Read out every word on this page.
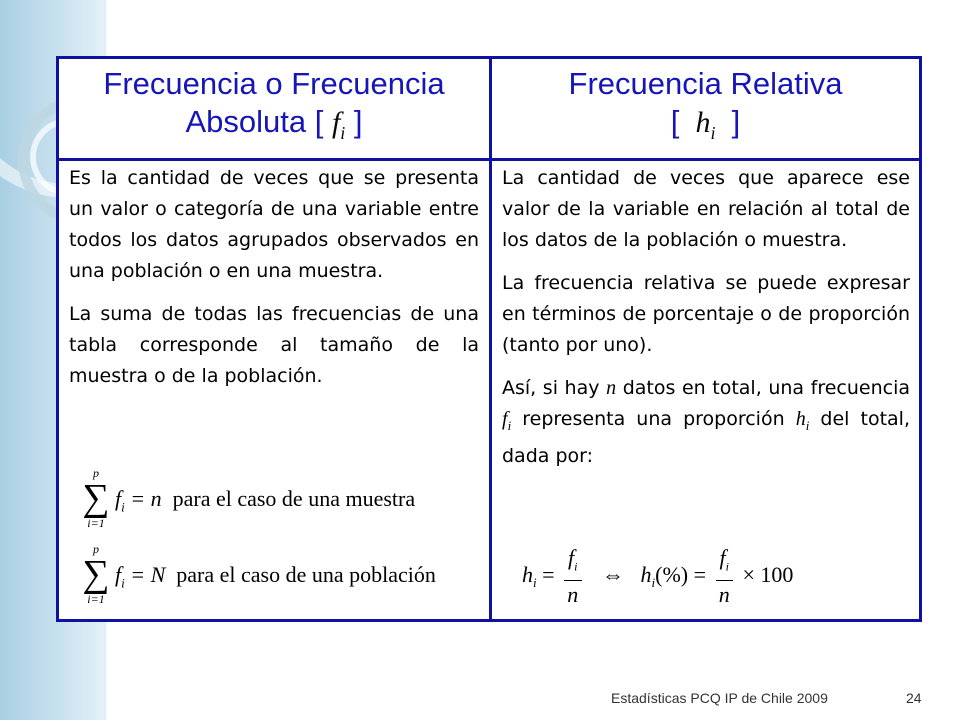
Frecuencia o Frecuencia
Absoluta [ $f_i$ ]
Frecuencia Relativa
[ $h_i$ ]

Es la cantidad de veces que se presenta un valor o categoría de una variable entre todos los datos agrupados observados en una población o en una muestra.

La suma de todas las frecuencias de una tabla corresponde al tamaño de la muestra o de la población.

p
∑
i=1
$f_i = n$ para el caso de una muestra
p
∑
i=1
$f_i = N$ para el caso de una población

La cantidad de veces que aparece ese valor de la variable en relación al total de los datos de la población o muestra.

La frecuencia relativa se puede expresar en términos de porcentaje o de proporción (tanto por uno).

Así, si hay n datos en total, una frecuencia $f_i$ representa una proporción $h_i$ del total, dada por:

$h_i = \frac{f_i}{n}$ ⇔ $h_i(\%) = \frac{f_i}{n} \times 100$
Estadísticas PCQ IP de Chile 2009	24
